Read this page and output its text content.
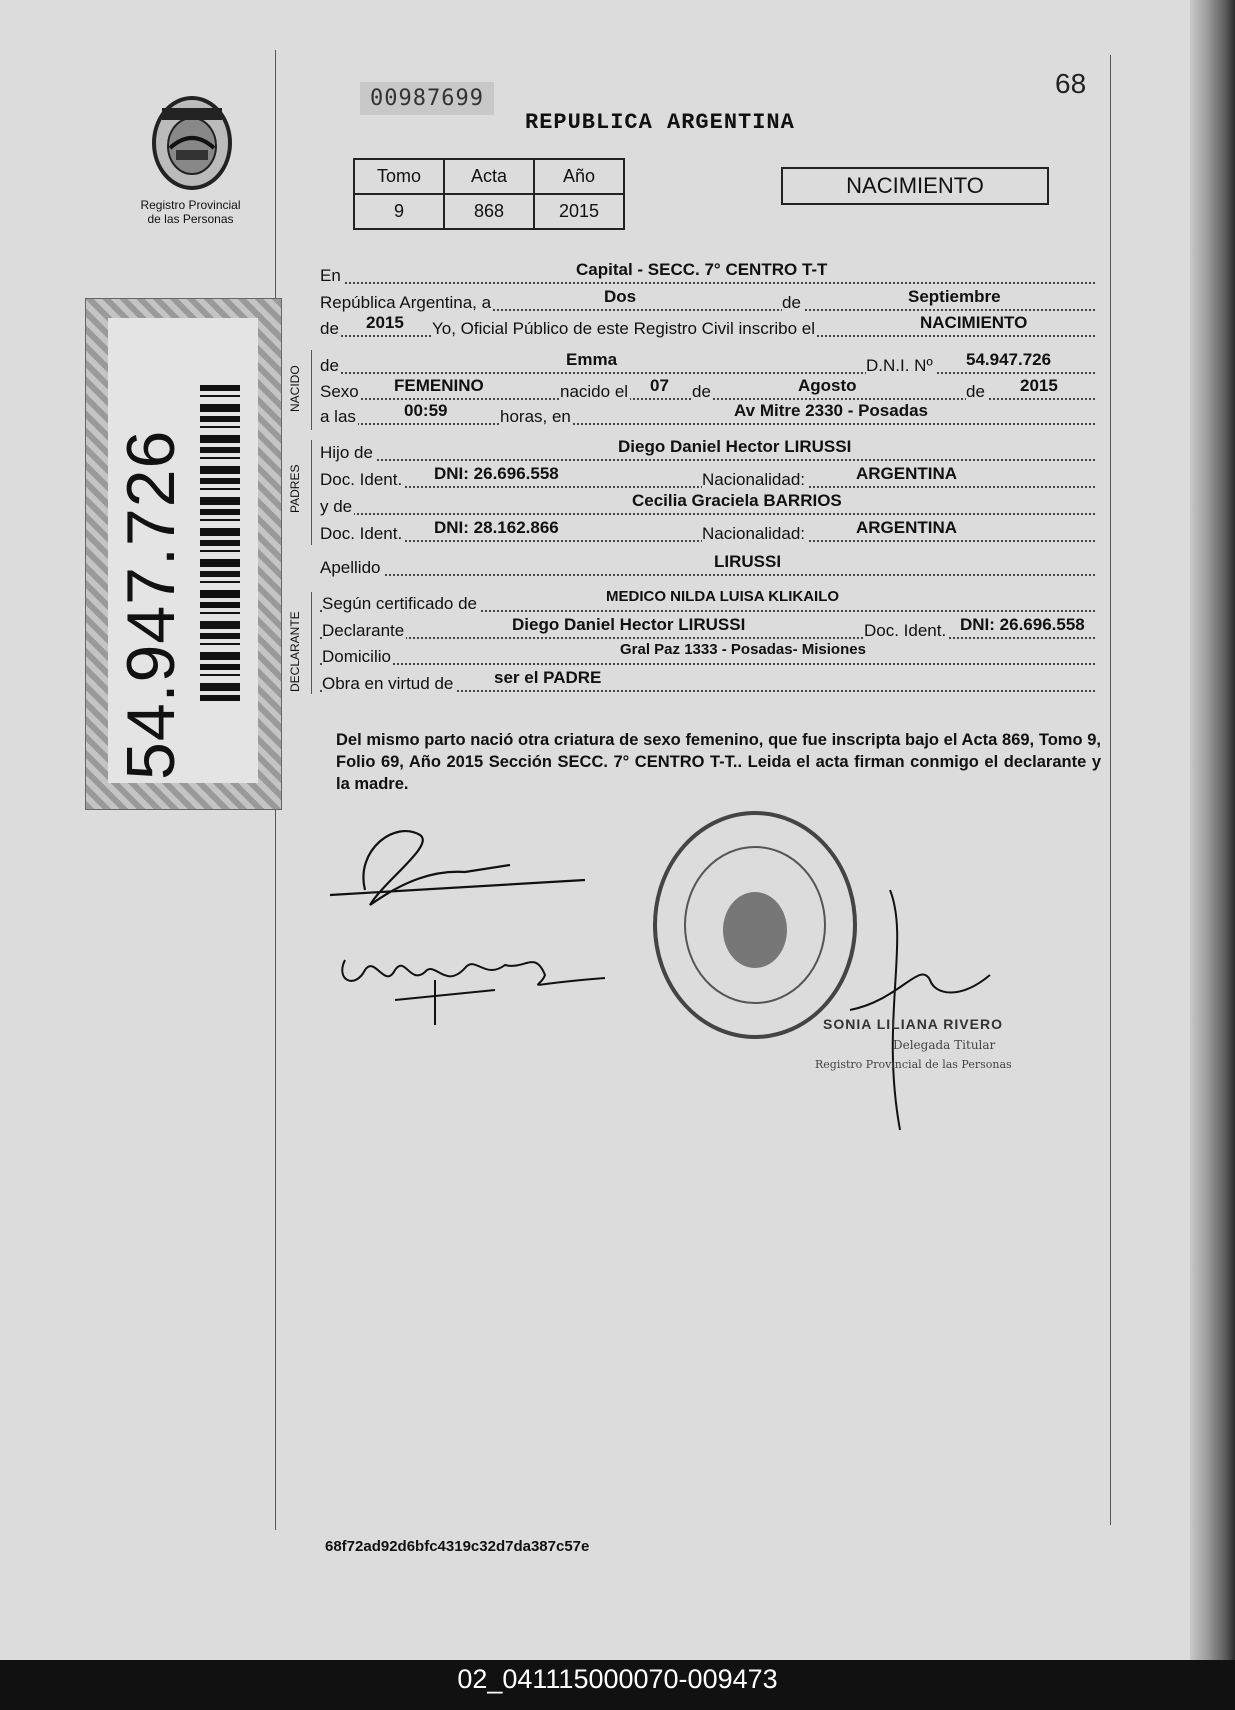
Registro Provincial
de las Personas
54.947.726
00987699
REPUBLICA ARGENTINA
68
Tomo	Acta	Año
9	868	2015
NACIMIENTO
En	Capital - SECC. 7° CENTRO T-T
República Argentina, a	Dos	de	Septiembre
de 2015 Yo, Oficial Público de este Registro Civil inscribo el	NACIMIENTO
NACIDO de	Emma	D.N.I. Nº 54.947.726
Sexo FEMENINO	nacido el 07 de	Agosto	de 2015
a las	00:59	horas, en	Av Mitre 2330 - Posadas
PADRES
Hijo de	Diego Daniel Hector LIRUSSI
Doc. Ident. DNI: 26.696.558	Nacionalidad:	ARGENTINA
y de	Cecilia Graciela BARRIOS
Doc. Ident. DNI: 28.162.866	Nacionalidad:	ARGENTINA
Apellido	LIRUSSI
DECLARANTE
Según certificado de	MEDICO NILDA LUISA KLIKAILO
Declarante	Diego Daniel Hector LIRUSSI	Doc. Ident. DNI: 26.696.558
Domicilio	Gral Paz 1333 - Posadas- Misiones
Obra en virtud de ser el PADRE
Del mismo parto nació otra criatura de sexo femenino, que fue inscripta bajo el Acta 869, Tomo 9, Folio 69, Año 2015 Sección SECC. 7° CENTRO T-T.. Leida el acta firman conmigo el declarante y la madre.
SONIA LILIANA RIVERO
Delegada Titular
Registro Provincial de las Personas
68f72ad92d6bfc4319c32d7da387c57e
02_041115000070-009473
